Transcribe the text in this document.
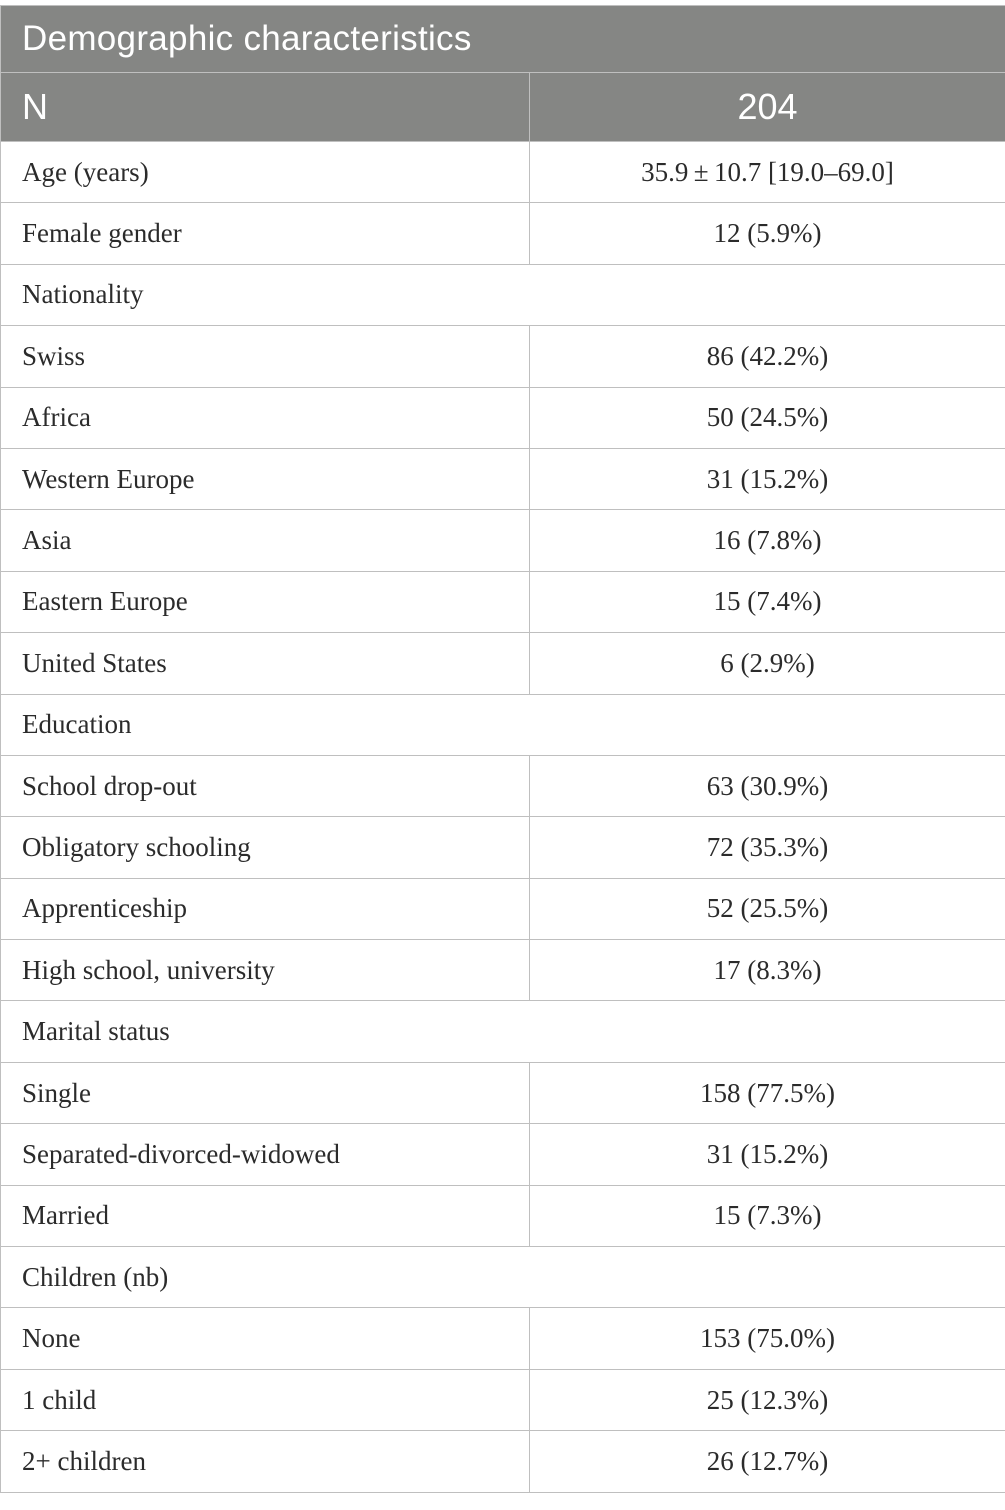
Demographic characteristics	
N	204
Age (years)	35.9 ± 10.7 [19.0–69.0]
Female gender	12 (5.9%)
Nationality	
Swiss	86 (42.2%)
Africa	50 (24.5%)
Western Europe	31 (15.2%)
Asia	16 (7.8%)
Eastern Europe	15 (7.4%)
United States	6 (2.9%)
Education	
School drop-out	63 (30.9%)
Obligatory schooling	72 (35.3%)
Apprenticeship	52 (25.5%)
High school, university	17 (8.3%)
Marital status	
Single	158 (77.5%)
Separated-divorced-widowed	31 (15.2%)
Married	15 (7.3%)
Children (nb)	
None	153 (75.0%)
1 child	25 (12.3%)
2+ children	26 (12.7%)
